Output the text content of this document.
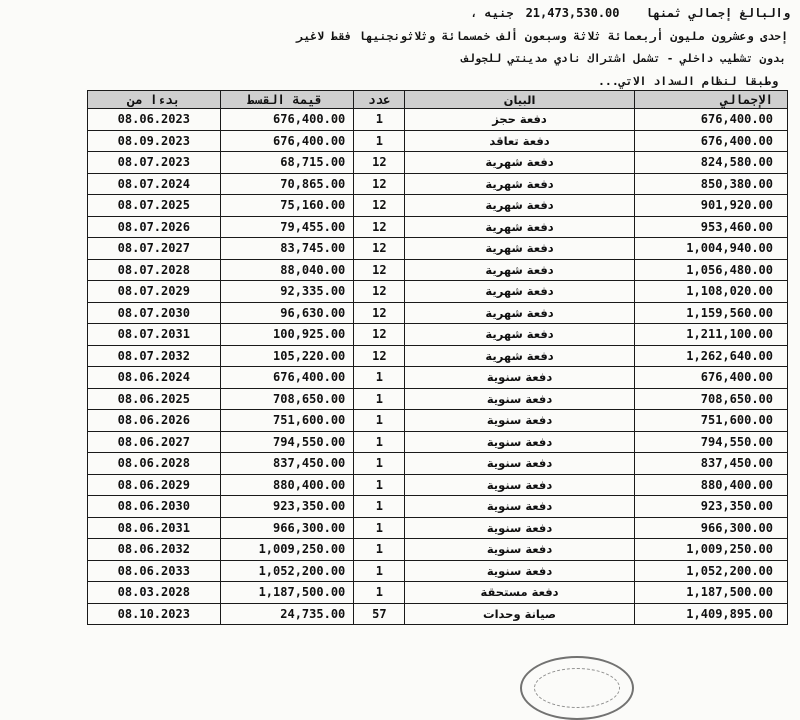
والبالغ إجمالي ثمنها21,473,530.00جنيه ،
إحدى وعشرون مليون أربعمائة ثلاثة وسبعون ألف خمسمائة وثلاثونجنيها فقط لاغير
بدون تشطيب داخلي - تشمل اشتراك نادي مدينتي للجولف
وطبقا لنظام السداد الاتي...
بدءا من	قيمة القسط	عدد	البيان	الإجمالي
08.06.2023	676,400.00	1	دفعة حجز	676,400.00
08.09.2023	676,400.00	1	دفعة تعاقد	676,400.00
08.07.2023	68,715.00	12	دفعة شهرية	824,580.00
08.07.2024	70,865.00	12	دفعة شهرية	850,380.00
08.07.2025	75,160.00	12	دفعة شهرية	901,920.00
08.07.2026	79,455.00	12	دفعة شهرية	953,460.00
08.07.2027	83,745.00	12	دفعة شهرية	1,004,940.00
08.07.2028	88,040.00	12	دفعة شهرية	1,056,480.00
08.07.2029	92,335.00	12	دفعة شهرية	1,108,020.00
08.07.2030	96,630.00	12	دفعة شهرية	1,159,560.00
08.07.2031	100,925.00	12	دفعة شهرية	1,211,100.00
08.07.2032	105,220.00	12	دفعة شهرية	1,262,640.00
08.06.2024	676,400.00	1	دفعة سنوية	676,400.00
08.06.2025	708,650.00	1	دفعة سنوية	708,650.00
08.06.2026	751,600.00	1	دفعة سنوية	751,600.00
08.06.2027	794,550.00	1	دفعة سنوية	794,550.00
08.06.2028	837,450.00	1	دفعة سنوية	837,450.00
08.06.2029	880,400.00	1	دفعة سنوية	880,400.00
08.06.2030	923,350.00	1	دفعة سنوية	923,350.00
08.06.2031	966,300.00	1	دفعة سنوية	966,300.00
08.06.2032	1,009,250.00	1	دفعة سنوية	1,009,250.00
08.06.2033	1,052,200.00	1	دفعة سنوية	1,052,200.00
08.03.2028	1,187,500.00	1	دفعة مستحقة	1,187,500.00
08.10.2023	24,735.00	57	صيانة وحدات	1,409,895.00
